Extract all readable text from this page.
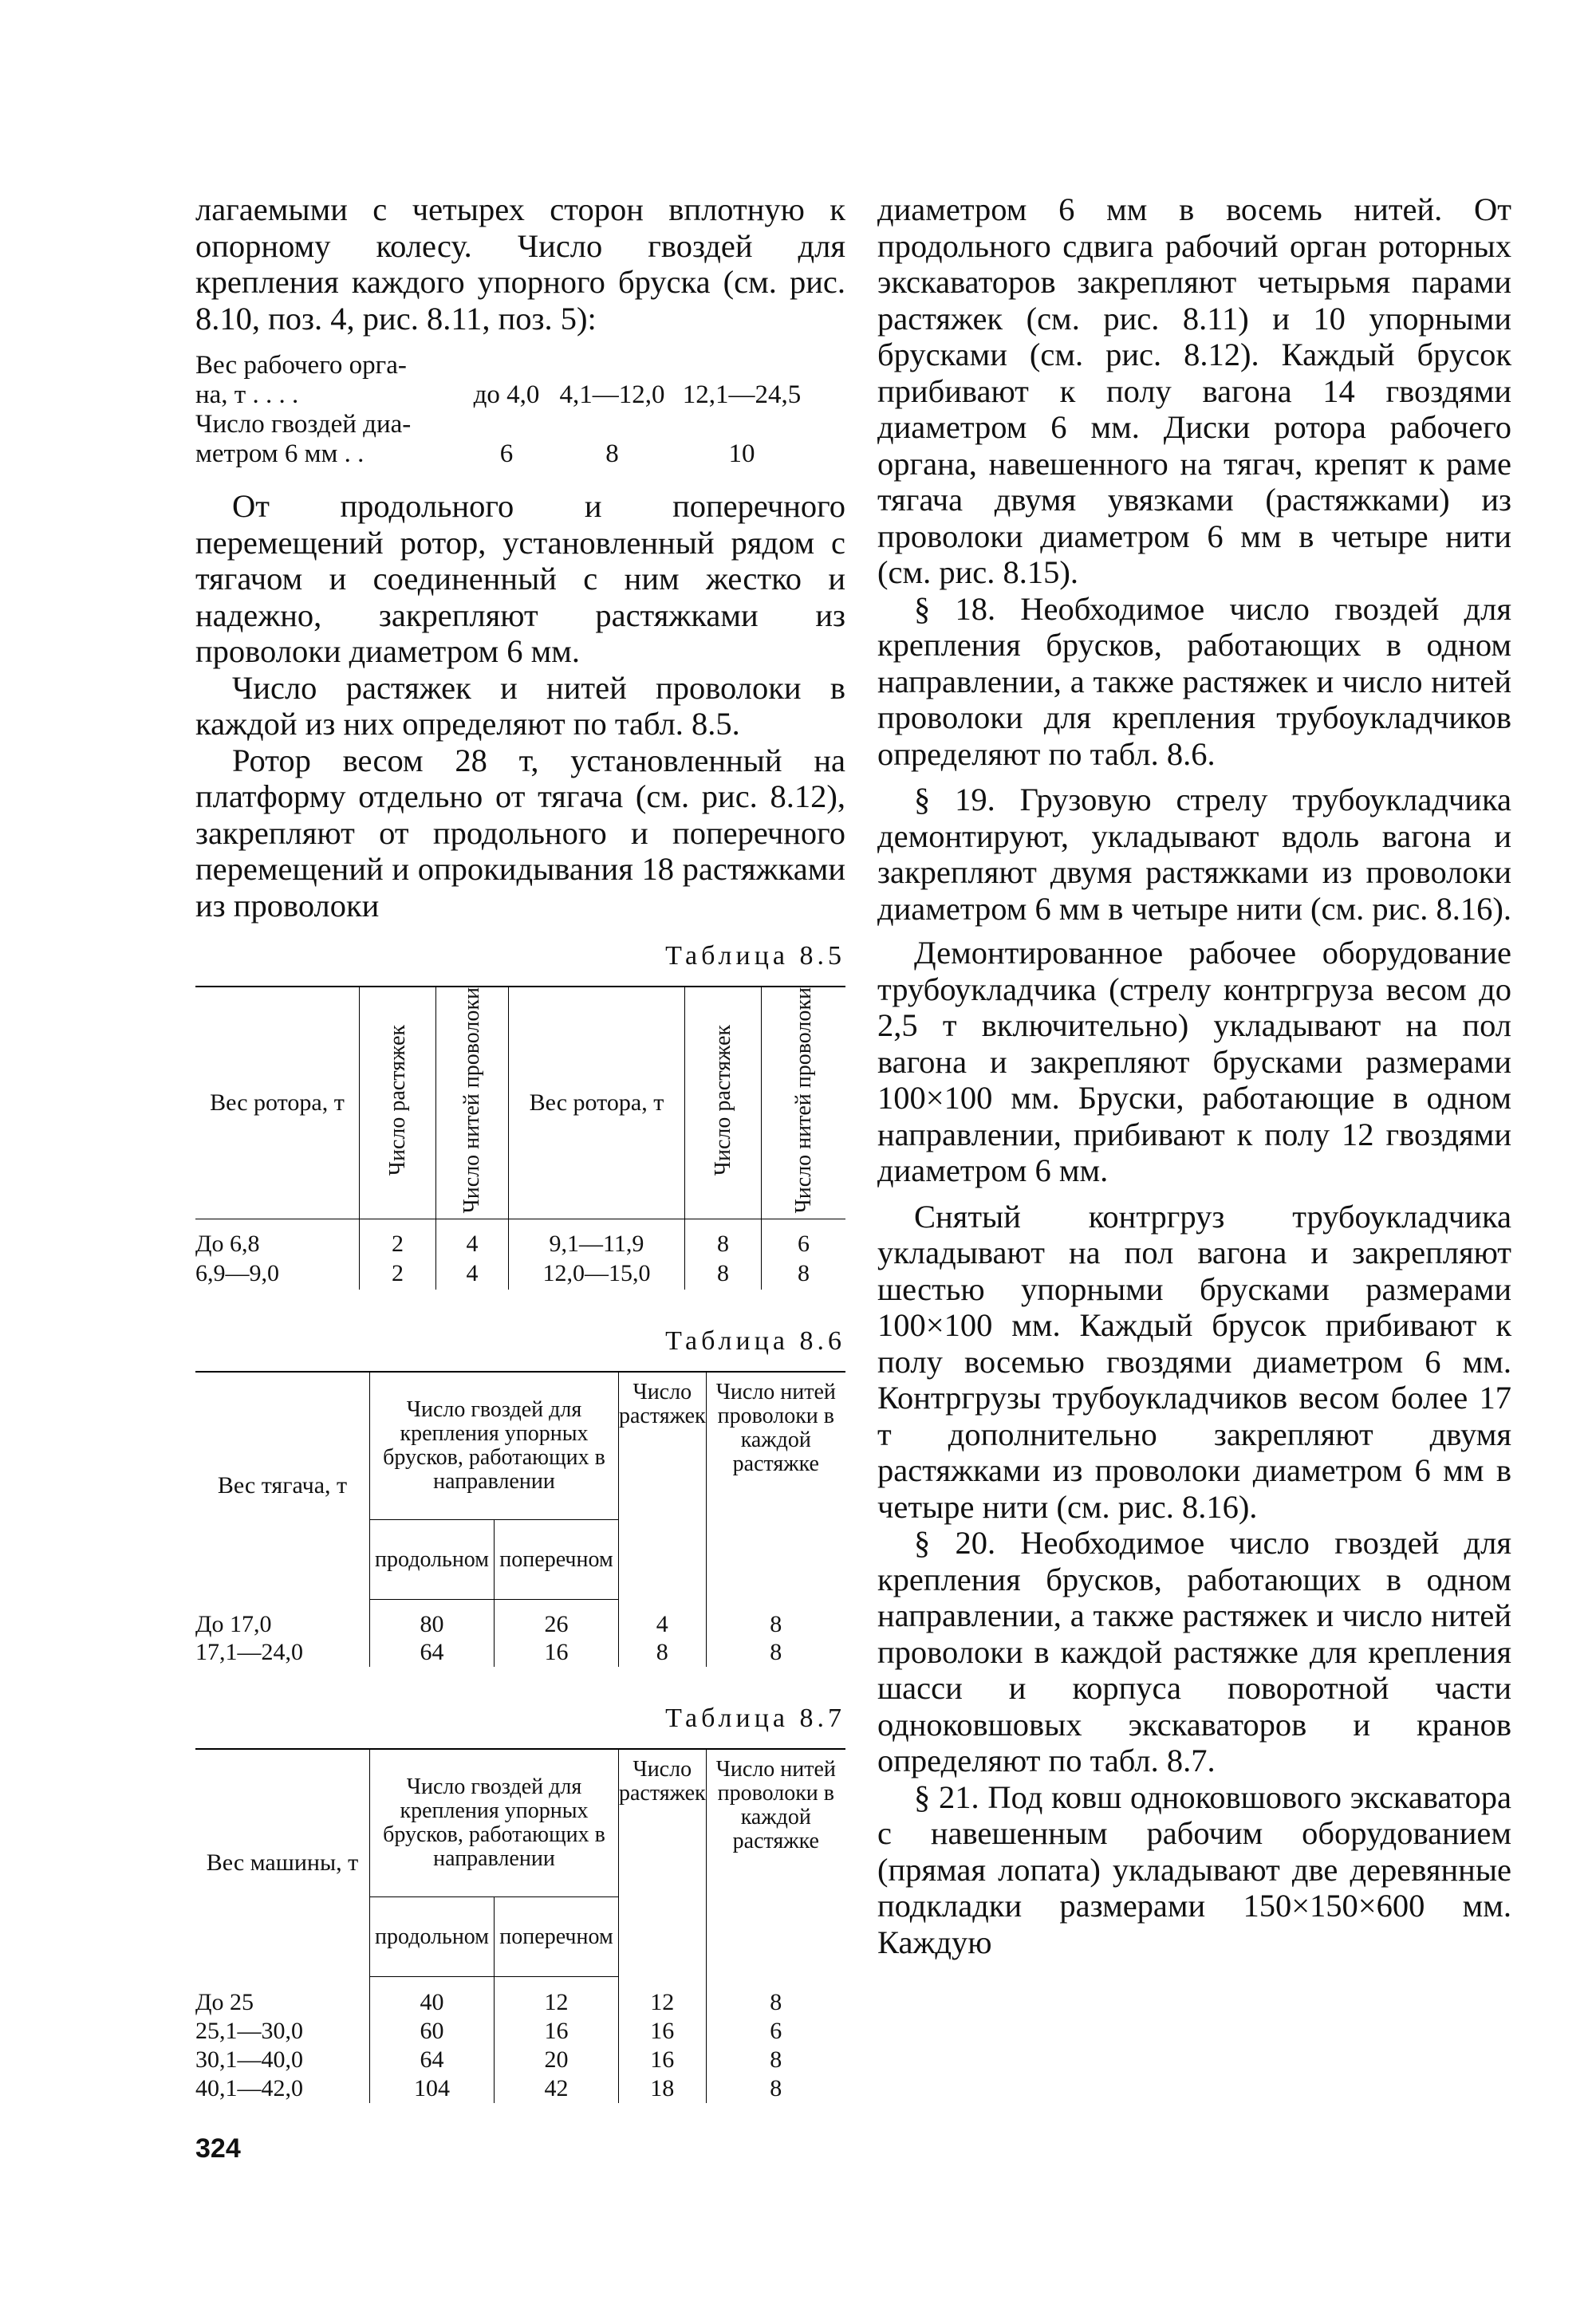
лагаемыми с четырех сторон вплотную к опорному колесу. Число гвоздей для крепления каждого упорного бруска (см. рис. 8.10, поз. 4, рис. 8.11, поз. 5):

Вес рабочего орга-
на, т . . . .	до 4,0 4,1—12,0 12,1—24,5
Число гвоздей диа-
метром 6 мм . .	6	8	10

От продольного и поперечного перемещений ротор, установленный рядом с тягачом и соединенный с ним жестко и надежно, закрепляют растяжками из проволоки диаметром 6 мм.

Число растяжек и нитей проволоки в каждой из них определяют по табл. 8.5.

Ротор весом 28 т, установленный на платформу отдельно от тягача (см. рис. 8.12), закрепляют от продольного и поперечного перемещений и опрокидывания 18 растяжками из проволоки

Таблица 8.5
Вес ротора, т	Число растяжек	Число нитей проволоки	Вес ротора, т	Число растяжек	Число нитей проволоки
До 6,8	2	4	9,1—11,9	8	6
6,9—9,0	2	4	12,0—15,0	8	8
Таблица 8.6
Вес тягача, т	Число гвоздей для крепления упорных брусков, работающих в направлении		Число растяжек	Число нитей проволоки в каждой растяжке
	продольном	поперечном		
До 17,0	80	26	4	8
17,1—24,0	64	16	8	8
Таблица 8.7
Вес машины, т	Число гвоздей для крепления упорных брусков, работающих в направлении		Число растяжек	Число нитей проволоки в каждой растяжке
	продольном	поперечном		
До 25	40	12	12	8
25,1—30,0	60	16	16	6
30,1—40,0	64	20	16	8
40,1—42,0	104	42	18	8

диаметром 6 мм в восемь нитей. От продольного сдвига рабочий орган роторных экскаваторов закрепляют четырьмя парами растяжек (см. рис. 8.11) и 10 упорными брусками (см. рис. 8.12). Каждый брусок прибивают к полу вагона 14 гвоздями диаметром 6 мм. Диски ротора рабочего органа, навешенного на тягач, крепят к раме тягача двумя увязками (растяжками) из проволоки диаметром 6 мм в четыре нити (см. рис. 8.15).

§ 18. Необходимое число гвоздей для крепления брусков, работающих в одном направлении, а также растяжек и число нитей проволоки для крепления трубоукладчиков определяют по табл. 8.6.

§ 19. Грузовую стрелу трубоукладчика демонтируют, укладывают вдоль вагона и закрепляют двумя растяжками из проволоки диаметром 6 мм в четыре нити (см. рис. 8.16).

Демонтированное рабочее оборудование трубоукладчика (стрелу контргруза весом до 2,5 т включительно) укладывают на пол вагона и закрепляют брусками размерами 100×100 мм. Бруски, работающие в одном направлении, прибивают к полу 12 гвоздями диаметром 6 мм.

Снятый контргруз трубоукладчика укладывают на пол вагона и закрепляют шестью упорными брусками размерами 100×100 мм. Каждый брусок прибивают к полу восемью гвоздями диаметром 6 мм. Контргрузы трубоукладчиков весом более 17 т дополнительно закрепляют двумя растяжками из проволоки диаметром 6 мм в четыре нити (см. рис. 8.16).

§ 20. Необходимое число гвоздей для крепления брусков, работающих в одном направлении, а также растяжек и число нитей проволоки в каждой растяжке для крепления шасси и корпуса поворотной части одноковшовых экскаваторов и кранов определяют по табл. 8.7.

§ 21. Под ковш одноковшового экскаватора с навешенным рабочим оборудованием (прямая лопата) укладывают две деревянные подкладки размерами 150×150×600 мм. Каждую

324
